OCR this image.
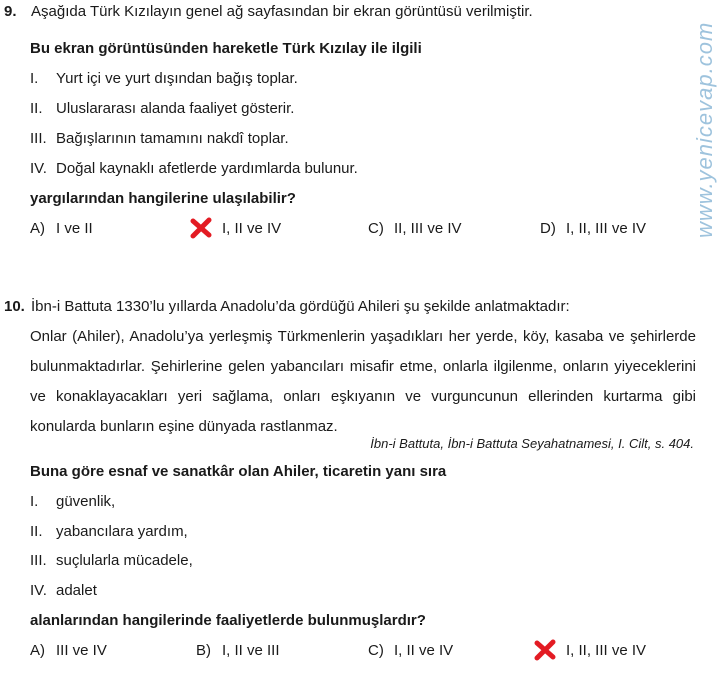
www.yenicevap.com
9. Aşağıda Türk Kızılayın genel ağ sayfasından bir ekran görüntüsü verilmiştir.
Bu ekran görüntüsünden hareketle Türk Kızılay ile ilgili
I. Yurt içi ve yurt dışından bağış toplar.
II. Uluslararası alanda faaliyet gösterir.
III. Bağışlarının tamamını nakdî toplar.
IV. Doğal kaynaklı afetlerde yardımlarda bulunur.
yargılarından hangilerine ulaşılabilir?
A) I ve II	I, II ve IV	C) II, III ve IV	D) I, II, III ve IV
10. İbn-i Battuta 1330’lu yıllarda Anadolu’da gördüğü Ahileri şu şekilde anlatmaktadır:
Onlar (Ahiler), Anadolu’ya yerleşmiş Türkmenlerin yaşadıkları her yerde, köy, kasaba ve şehirlerde bulunmaktadırlar. Şehirlerine gelen yabancıları misafir etme, onlarla ilgilenme, onların yiyeceklerini ve konaklayacakları yeri sağlama, onları eşkıyanın ve vurguncunun ellerinden kurtarma gibi konularda bunların eşine dünyada rastlanmaz.
İbn-i Battuta, İbn-i Battuta Seyahatnamesi, I. Cilt, s. 404.
Buna göre esnaf ve sanatkâr olan Ahiler, ticaretin yanı sıra
I. güvenlik,
II. yabancılara yardım,
III. suçlularla mücadele,
IV. adalet
alanlarından hangilerinde faaliyetlerde bulunmuşlardır?
A) III ve IV	B) I, II ve III	C) I, II ve IV	I, II, III ve IV
